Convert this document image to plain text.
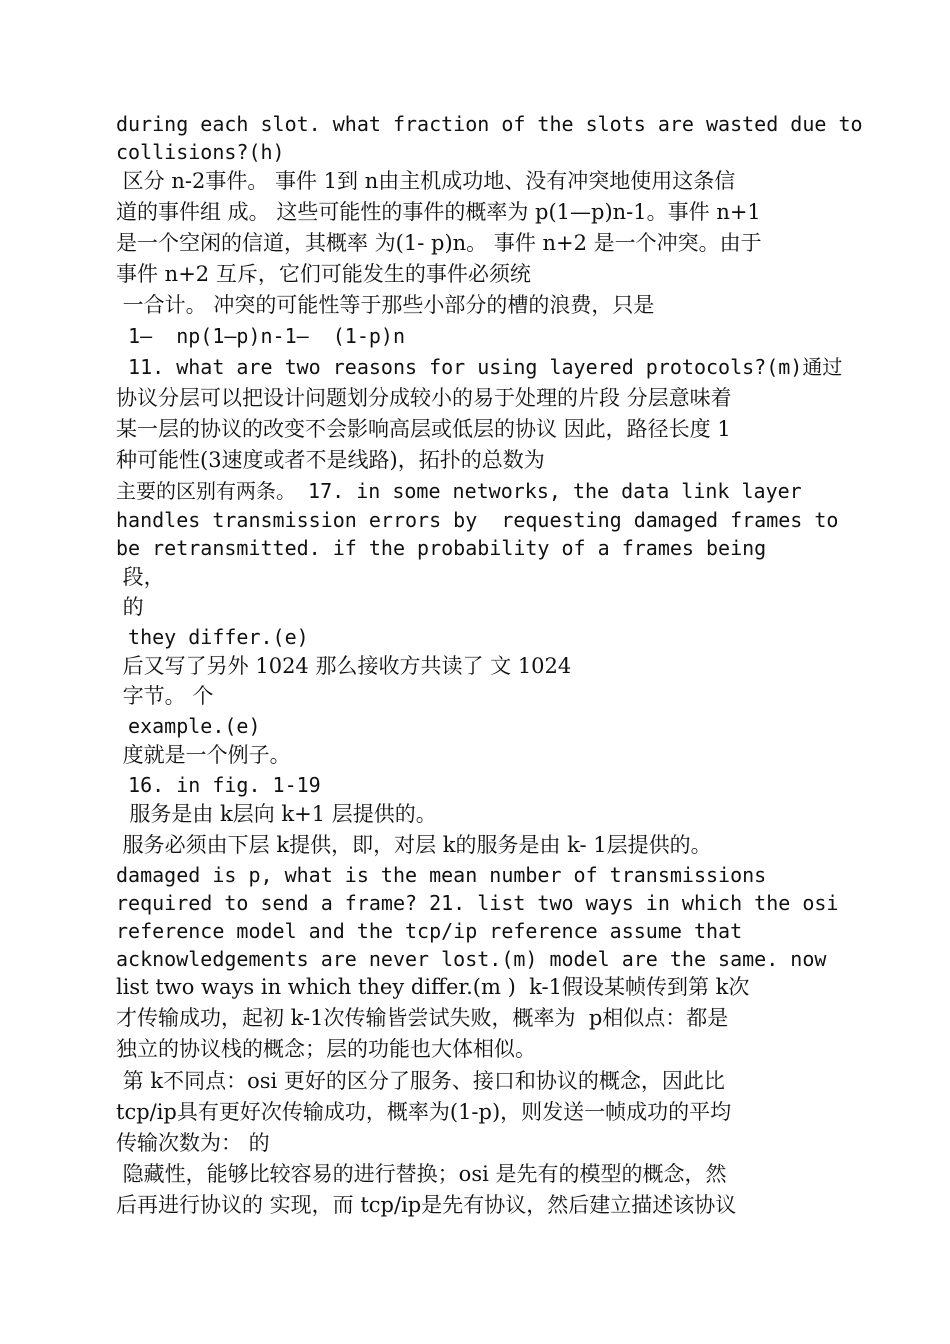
during each slot. what fraction of the slots are wasted due to
collisions?(h)
区分 n-2事件。 事件 1到 n由主机成功地、没有冲突地使用这条信
道的事件组 成。 这些可能性的事件的概率为 p(1—p)n-1。事件 n+1
是一个空闲的信道，其概率 为(1- p)n。 事件 n+2 是一个冲突。由于
事件 n+2 互斥，它们可能发生的事件必须统
一合计。 冲突的可能性等于那些小部分的槽的浪费，只是
1—  np(1—p)n-1—  (1-p)n
11. what are two reasons for using layered protocols?(m)通过
协议分层可以把设计问题划分成较小的易于处理的片段 分层意味着
某一层的协议的改变不会影响高层或低层的协议 因此，路径长度 1
种可能性(3速度或者不是线路)，拓扑的总数为
主要的区别有两条。 17. in some networks, the data link layer
handles transmission errors by  requesting damaged frames to
be retransmitted. if the probability of a frames being
段，
的
they differ.(e)
后又写了另外 1024 那么接收方共读了 文 1024
字节。 个
example.(e)
度就是一个例子。
16. in fig. 1-19
服务是由 k层向 k+1 层提供的。
服务必须由下层 k提供，即，对层 k的服务是由 k- 1层提供的。
damaged is p, what is the mean number of transmissions
required to send a frame? 21. list two ways in which the osi
reference model and the tcp/ip reference assume that
acknowledgements are never lost.(m) model are the same. now
list two ways in which they differ.(m )  k-1假设某帧传到第 k次
才传输成功，起初 k-1次传输皆尝试失败，概率为  p相似点：都是
独立的协议栈的概念；层的功能也大体相似。
第 k不同点：osi 更好的区分了服务、接口和协议的概念，因此比
tcp/ip具有更好次传输成功，概率为(1-p)，则发送一帧成功的平均
传输次数为： 的
隐藏性，能够比较容易的进行替换；osi 是先有的模型的概念，然
后再进行协议的 实现，而 tcp/ip是先有协议，然后建立描述该协议
